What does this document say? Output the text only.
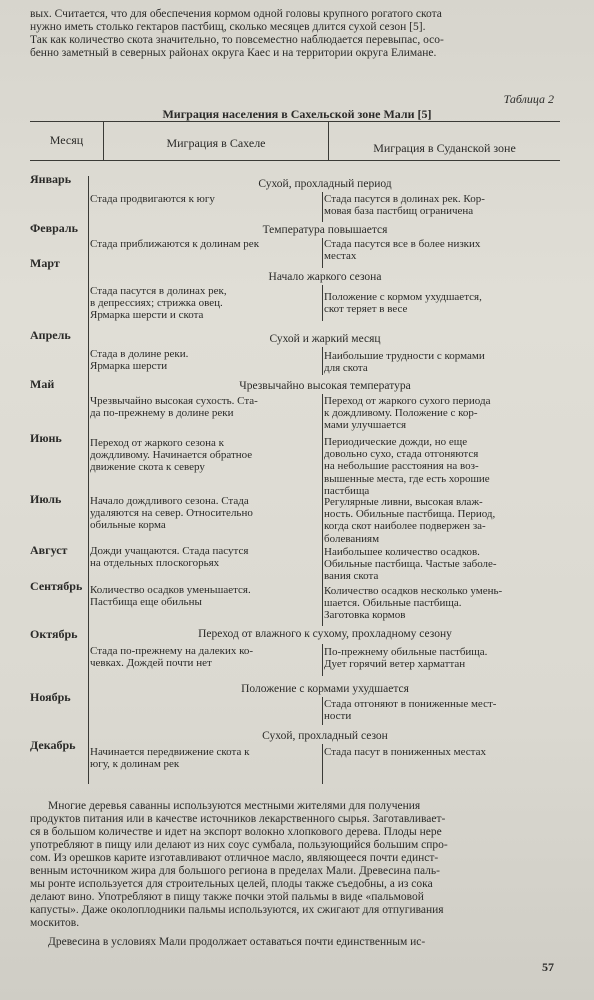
вых. Считается, что для обеспечения кормом одной головы крупного рогатого скота
нужно иметь столько гектаров пастбищ, сколько месяцев длится сухой сезон [5].
Так как количество скота значительно, то повсеместно наблюдается перевыпас, осо-
бенно заметный в северных районах округа Каес и на территории округа Елимане.
Таблица 2
Миграция населения в Сахельской зоне Мали [5]
Месяц	Миграция в Сахеле	Миграция в Суданской зоне
Январь
Февраль
Март
Апрель
Май
Июнь
Июль
Август
Сентябрь
Октябрь
Ноябрь
Декабрь
Сухой, прохладный период
Температура повышается
Начало жаркого сезона
Сухой и жаркий месяц
Чрезвычайно высокая температура
Переход от влажного к сухому, прохладному сезону
Положение с кормами ухудшается
Сухой, прохладный сезон
Стада продвигаются к югу
Стада приближаются к долинам рек
Стада пасутся в долинах рек,
в депрессиях; стрижка овец.
Ярмарка шерсти и скота
Стада в долине реки.
Ярмарка шерсти
Чрезвычайно высокая сухость. Ста-
да по-прежнему в долине реки
Переход от жаркого сезона к
дождливому. Начинается обратное
движение скота к северу
Начало дождливого сезона. Стада
удаляются на север. Относительно
обильные корма
Дожди учащаются. Стада пасутся
на отдельных плоскогорьях
Количество осадков уменьшается.
Пастбища еще обильны
Стада по-прежнему на далеких ко-
чевках. Дождей почти нет
Начинается передвижение скота к
югу, к долинам рек
Стада пасутся в долинах рек. Кор-
мовая база пастбищ ограничена
Стада пасутся все в более низких
местах
Положение с кормом ухудшается,
скот теряет в весе
Наибольшие трудности с кормами
для скота
Переход от жаркого сухого периода
к дождливому. Положение с кор-
мами улучшается
Периодические дожди, но еще
довольно сухо, стада отгоняются
на небольшие расстояния на воз-
вышенные места, где есть хорошие
пастбища
Регулярные ливни, высокая влаж-
ность. Обильные пастбища. Период,
когда скот наиболее подвержен за-
болеваниям
Наибольшее количество осадков.
Обильные пастбища. Частые заболе-
вания скота
Количество осадков несколько умень-
шается. Обильные пастбища.
Заготовка кормов
По-прежнему обильные пастбища.
Дует горячий ветер харматтан
Стада отгоняют в пониженные мест-
ности
Стада пасут в пониженных местах
Многие деревья саванны используются местными жителями для получения
продуктов питания или в качестве источников лекарственного сырья. Заготавливает-
ся в большом количестве и идет на экспорт волокно хлопкового дерева. Плоды нере
употребляют в пищу или делают из них соус сумбала, пользующийся большим спро-
сом. Из орешков карите изготавливают отличное масло, являющееся почти единст-
венным источником жира для большого региона в пределах Мали. Древесина паль-
мы ронте используется для строительных целей, плоды также съедобны, а из сока
делают вино. Употребляют в пищу также почки этой пальмы в виде «пальмовой
капусты». Даже околоплодники пальмы используются, их сжигают для отпугивания
москитов.
Древесина в условиях Мали продолжает оставаться почти единственным ис-
57
